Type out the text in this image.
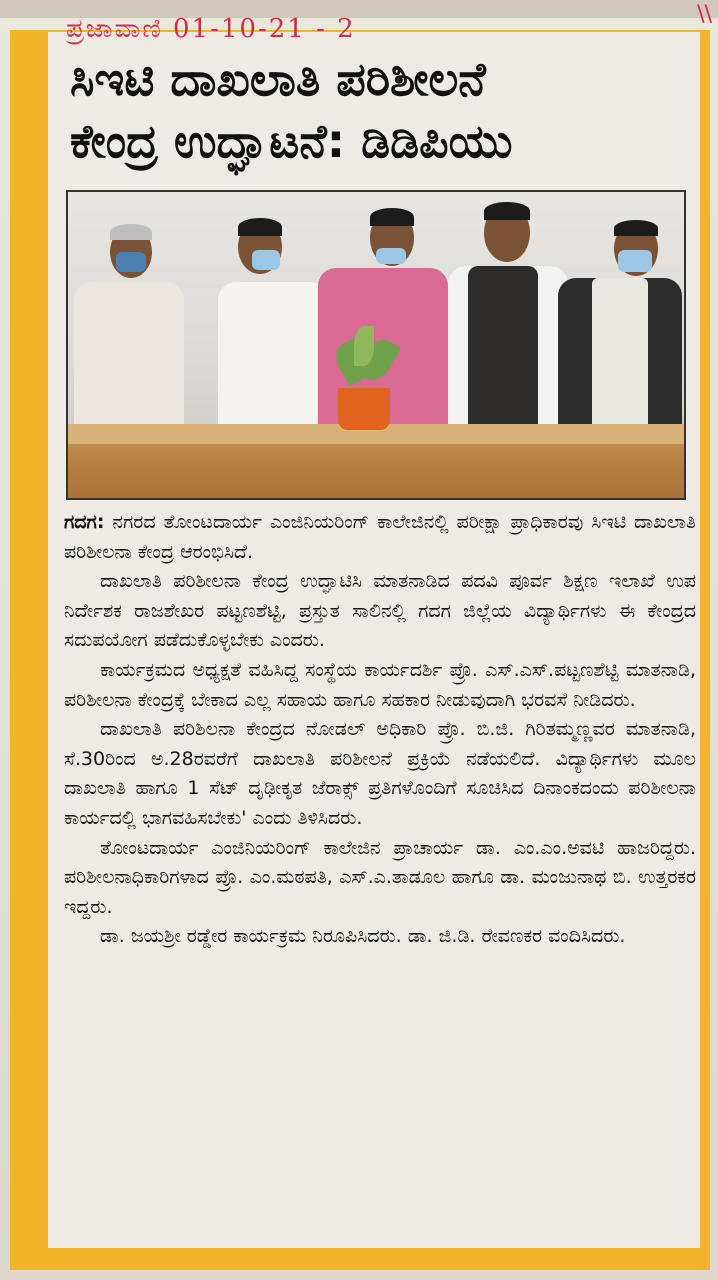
ಪ್ರಜಾವಾಣಿ 01-10-21 - 2	\\
ಸಿಇಟಿ ದಾಖಲಾತಿ ಪರಿಶೀಲನೆ
ಕೇಂದ್ರ ಉದ್ಘಾಟನೆ: ಡಿಡಿಪಿಯು

ಗದಗ: ನಗರದ ತೋಂಟದಾರ್ಯ ಎಂಜಿನಿಯರಿಂಗ್ ಕಾಲೇಜಿನಲ್ಲಿ ಪರೀಕ್ಷಾ ಪ್ರಾಧಿಕಾರವು ಸಿಇಟಿ ದಾಖಲಾತಿ ಪರಿಶೀಲನಾ ಕೇಂದ್ರ ಆರಂಭಿಸಿದೆ.

ದಾಖಲಾತಿ ಪರಿಶೀಲನಾ ಕೇಂದ್ರ ಉದ್ಘಾಟಿಸಿ ಮಾತನಾಡಿದ ಪದವಿ ಪೂರ್ವ ಶಿಕ್ಷಣ ಇಲಾಖೆ ಉಪ ನಿರ್ದೇಶಕ ರಾಜಶೇಖರ ಪಟ್ಟಣಶೆಟ್ಟಿ, ಪ್ರಸ್ತುತ ಸಾಲಿನಲ್ಲಿ ಗದಗ ಜಿಲ್ಲೆಯ ವಿದ್ಯಾರ್ಥಿಗಳು ಈ ಕೇಂದ್ರದ ಸದುಪಯೋಗ ಪಡೆದುಕೊಳ್ಳಬೇಕು ಎಂದರು.

ಕಾರ್ಯಕ್ರಮದ ಅಧ್ಯಕ್ಷತೆ ವಹಿಸಿದ್ದ ಸಂಸ್ಥೆಯ ಕಾರ್ಯದರ್ಶಿ ಪ್ರೊ. ಎಸ್.ಎಸ್.ಪಟ್ಟಣಶೆಟ್ಟಿ ಮಾತನಾಡಿ, ಪರಿಶೀಲನಾ ಕೇಂದ್ರಕ್ಕೆ ಬೇಕಾದ ಎಲ್ಲ ಸಹಾಯ ಹಾಗೂ ಸಹಕಾರ ನೀಡುವುದಾಗಿ ಭರವಸೆ ನೀಡಿದರು.

ದಾಖಲಾತಿ ಪರಿಶಿಲನಾ ಕೇಂದ್ರದ ನೋಡಲ್ ಅಧಿಕಾರಿ ಪ್ರೊ. ಬಿ.ಜಿ. ಗಿರಿತಮ್ಮಣ್ಣವರ ಮಾತನಾಡಿ, ಸೆ.30ರಿಂದ ಅ.28ರವರೆಗೆ ದಾಖಲಾತಿ ಪರಿಶೀಲನೆ ಪ್ರಕ್ರಿಯೆ ನಡೆಯಲಿದೆ. ವಿದ್ಯಾರ್ಥಿಗಳು ಮೂಲ ದಾಖಲಾತಿ ಹಾಗೂ 1 ಸೆಟ್ ದೃಢೀಕೃತ ಜೆರಾಕ್ಸ್ ಪ್ರತಿಗಳೊಂದಿಗೆ ಸೂಚಿಸಿದ ದಿನಾಂಕದಂದು ಪರಿಶೀಲನಾ ಕಾರ್ಯದಲ್ಲಿ ಭಾಗವಹಿಸಬೇಕು' ಎಂದು ತಿಳಿಸಿದರು.

ತೋಂಟದಾರ್ಯ ಎಂಜಿನಿಯರಿಂಗ್ ಕಾಲೇಜಿನ ಪ್ರಾಚಾರ್ಯ ಡಾ. ಎಂ.ಎಂ.ಅವಟಿ ಹಾಜರಿದ್ದರು. ಪರಿಶೀಲನಾಧಿಕಾರಿಗಳಾದ ಪ್ರೊ. ಎಂ.ಮಠಪತಿ, ಎಸ್.ಎ.ತಾಡೂಲ ಹಾಗೂ ಡಾ. ಮಂಜುನಾಥ ಬಿ. ಉತ್ತರಕರ ಇದ್ದರು.

ಡಾ. ಜಯಶ್ರೀ ರಡ್ಡೇರ ಕಾರ್ಯಕ್ರಮ ನಿರೂಪಿಸಿದರು. ಡಾ. ಜಿ.ಡಿ. ರೇವಣಕರ ವಂದಿಸಿದರು.
